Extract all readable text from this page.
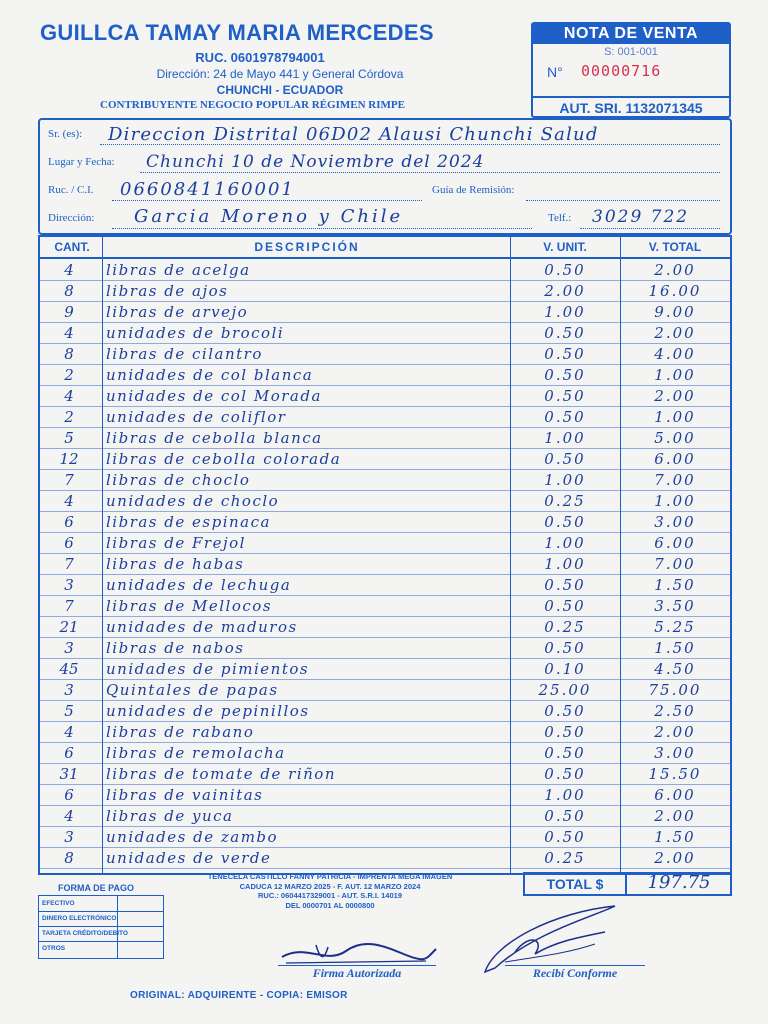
GUILLCA TAMAY MARIA MERCEDES
RUC. 0601978794001
Dirección: 24 de Mayo 441 y General Córdova
CHUNCHI - ECUADOR
CONTRIBUYENTE NEGOCIO POPULAR RÉGIMEN RIMPE
NOTA DE VENTA
S: 001-001
N° 00000716
AUT. SRI. 1132071345
Sr. (es): Direccion Distrital 06D02 Alausi Chunchi Salud
Lugar y Fecha: Chunchi 10 de Noviembre del 2024
Ruc. / C.I. 0660841160001	Guía de Remisión:
Dirección: Garcia Moreno y Chile	Telf.: 3029 722
CANT.	DESCRIPCIÓN	V. UNIT.	V. TOTAL
4	libras de acelga	0.50	2.00
8	libras de ajos	2.00	16.00
9	libras de arvejo	1.00	9.00
4	unidades de brocoli	0.50	2.00
8	libras de cilantro	0.50	4.00
2	unidades de col blanca	0.50	1.00
4	unidades de col Morada	0.50	2.00
2	unidades de coliflor	0.50	1.00
5	libras de cebolla blanca	1.00	5.00
12	libras de cebolla colorada	0.50	6.00
7	libras de choclo	1.00	7.00
4	unidades de choclo	0.25	1.00
6	libras de espinaca	0.50	3.00
6	libras de Frejol	1.00	6.00
7	libras de habas	1.00	7.00
3	unidades de lechuga	0.50	1.50
7	libras de Mellocos	0.50	3.50
21	unidades de maduros	0.25	5.25
3	libras de nabos	0.50	1.50
45	unidades de pimientos	0.10	4.50
3	Quintales de papas	25.00	75.00
5	unidades de pepinillos	0.50	2.50
4	libras de rabano	0.50	2.00
6	libras de remolacha	0.50	3.00
31	libras de tomate de riñon	0.50	15.50
6	libras de vainitas	1.00	6.00
4	libras de yuca	0.50	2.00
3	unidades de zambo	0.50	1.50
8	unidades de verde	0.25	2.00
TENECELA CASTILLO FANNY PATRICIA - IMPRENTA MEGA IMAGEN
CADUCA 12 MARZO 2025 - F. AUT. 12 MARZO 2024
RUC.: 0604417329001 - AUT. S.R.I. 14019
DEL 0000701 AL 0000800
TOTAL $	197.75
FORMA DE PAGO
EFECTIVO
DINERO ELECTRÓNICO
TARJETA CRÉDITO/DEBITO
OTROS
Firma Autorizada	Recibí Conforme
ORIGINAL: ADQUIRENTE - COPIA: EMISOR
